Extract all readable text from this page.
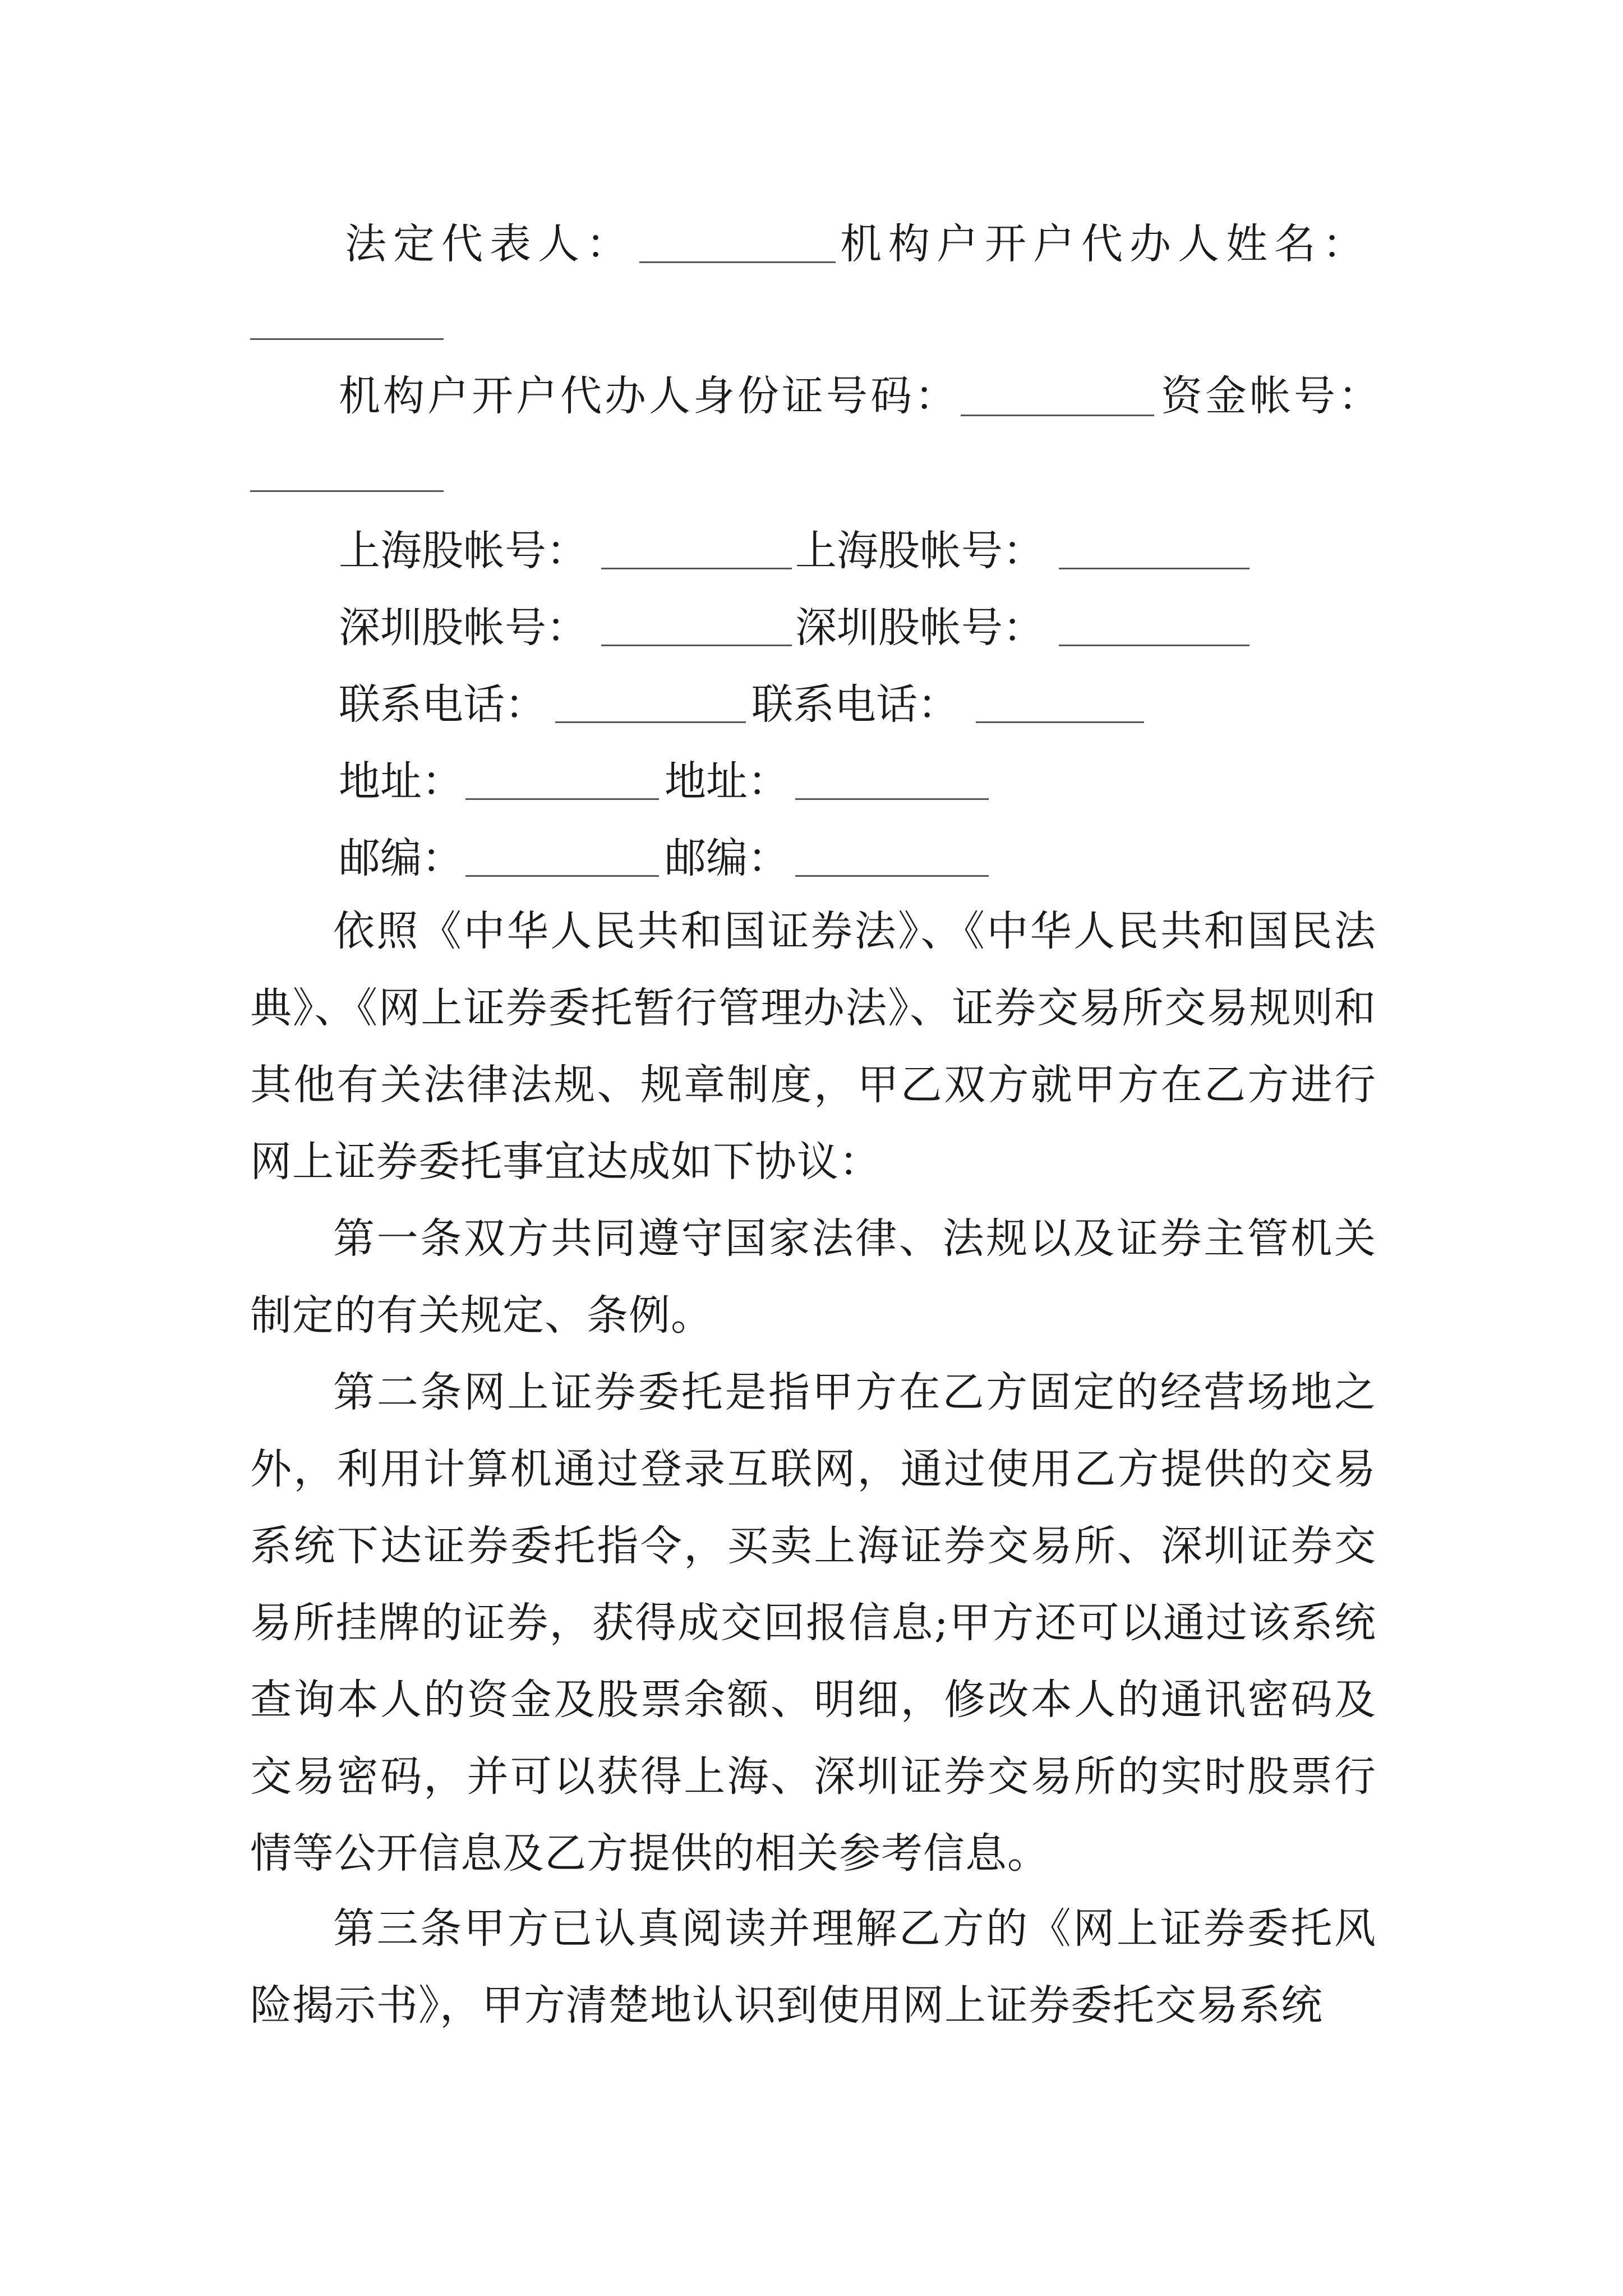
法定代表人：	机构户开户代办人姓名：
机构户开户代办人身份证号码：	资金帐号：
上海股帐号：	上海股帐号：
深圳股帐号：	深圳股帐号：
联系电话：	联系电话：
地址：	地址：
邮编：	邮编：

依照《中华人民共和国证券法》、《中华人民共和国民法典》、《网上证券委托暂行管理办法》、证券交易所交易规则和其他有关法律法规、规章制度，甲乙双方就甲方在乙方进行网上证券委托事宜达成如下协议：

第一条双方共同遵守国家法律、法规以及证券主管机关制定的有关规定、条例。

第二条网上证券委托是指甲方在乙方固定的经营场地之外，利用计算机通过登录互联网，通过使用乙方提供的交易系统下达证券委托指令，买卖上海证券交易所、深圳证券交易所挂牌的证券，获得成交回报信息;甲方还可以通过该系统查询本人的资金及股票余额、明细，修改本人的通讯密码及交易密码，并可以获得上海、深圳证券交易所的实时股票行情等公开信息及乙方提供的相关参考信息。

第三条甲方已认真阅读并理解乙方的《网上证券委托风险揭示书》，甲方清楚地认识到使用网上证券委托交易系统
